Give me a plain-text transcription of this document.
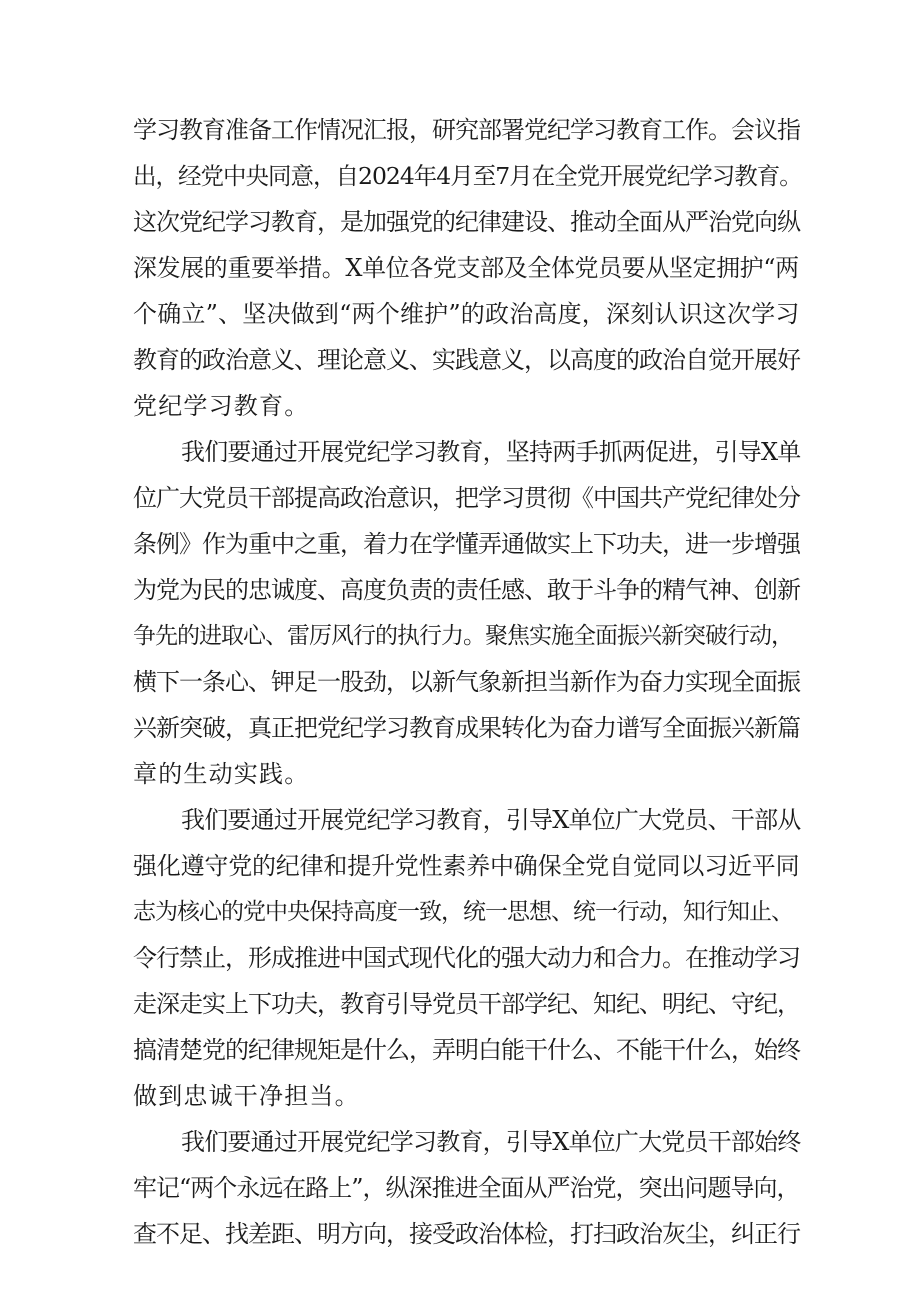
学习教育准备工作情况汇报，研究部署党纪学习教育工作。会议指
出，经党中央同意，自2024年4月至7月在全党开展党纪学习教育。
这次党纪学习教育，是加强党的纪律建设、推动全面从严治党向纵
深发展的重要举措。X单位各党支部及全体党员要从坚定拥护“两
个确立”、坚决做到“两个维护”的政治高度，深刻认识这次学习
教育的政治意义、理论意义、实践意义，以高度的政治自觉开展好
党纪学习教育。
我们要通过开展党纪学习教育，坚持两手抓两促进，引导X单
位广大党员干部提高政治意识，把学习贯彻《中国共产党纪律处分
条例》作为重中之重，着力在学懂弄通做实上下功夫，进一步增强
为党为民的忠诚度、高度负责的责任感、敢于斗争的精气神、创新
争先的进取心、雷厉风行的执行力。聚焦实施全面振兴新突破行动，
横下一条心、钾足一股劲，以新气象新担当新作为奋力实现全面振
兴新突破，真正把党纪学习教育成果转化为奋力谱写全面振兴新篇
章的生动实践。
我们要通过开展党纪学习教育，引导X单位广大党员、干部从
强化遵守党的纪律和提升党性素养中确保全党自觉同以习近平同
志为核心的党中央保持高度一致，统一思想、统一行动，知行知止、
令行禁止，形成推进中国式现代化的强大动力和合力。在推动学习
走深走实上下功夫，教育引导党员干部学纪、知纪、明纪、守纪，
搞清楚党的纪律规矩是什么，弄明白能干什么、不能干什么，始终
做到忠诚干净担当。
我们要通过开展党纪学习教育，引导X单位广大党员干部始终
牢记“两个永远在路上”，纵深推进全面从严治党，突出问题导向，
查不足、找差距、明方向，接受政治体检，打扫政治灰尘，纠正行
